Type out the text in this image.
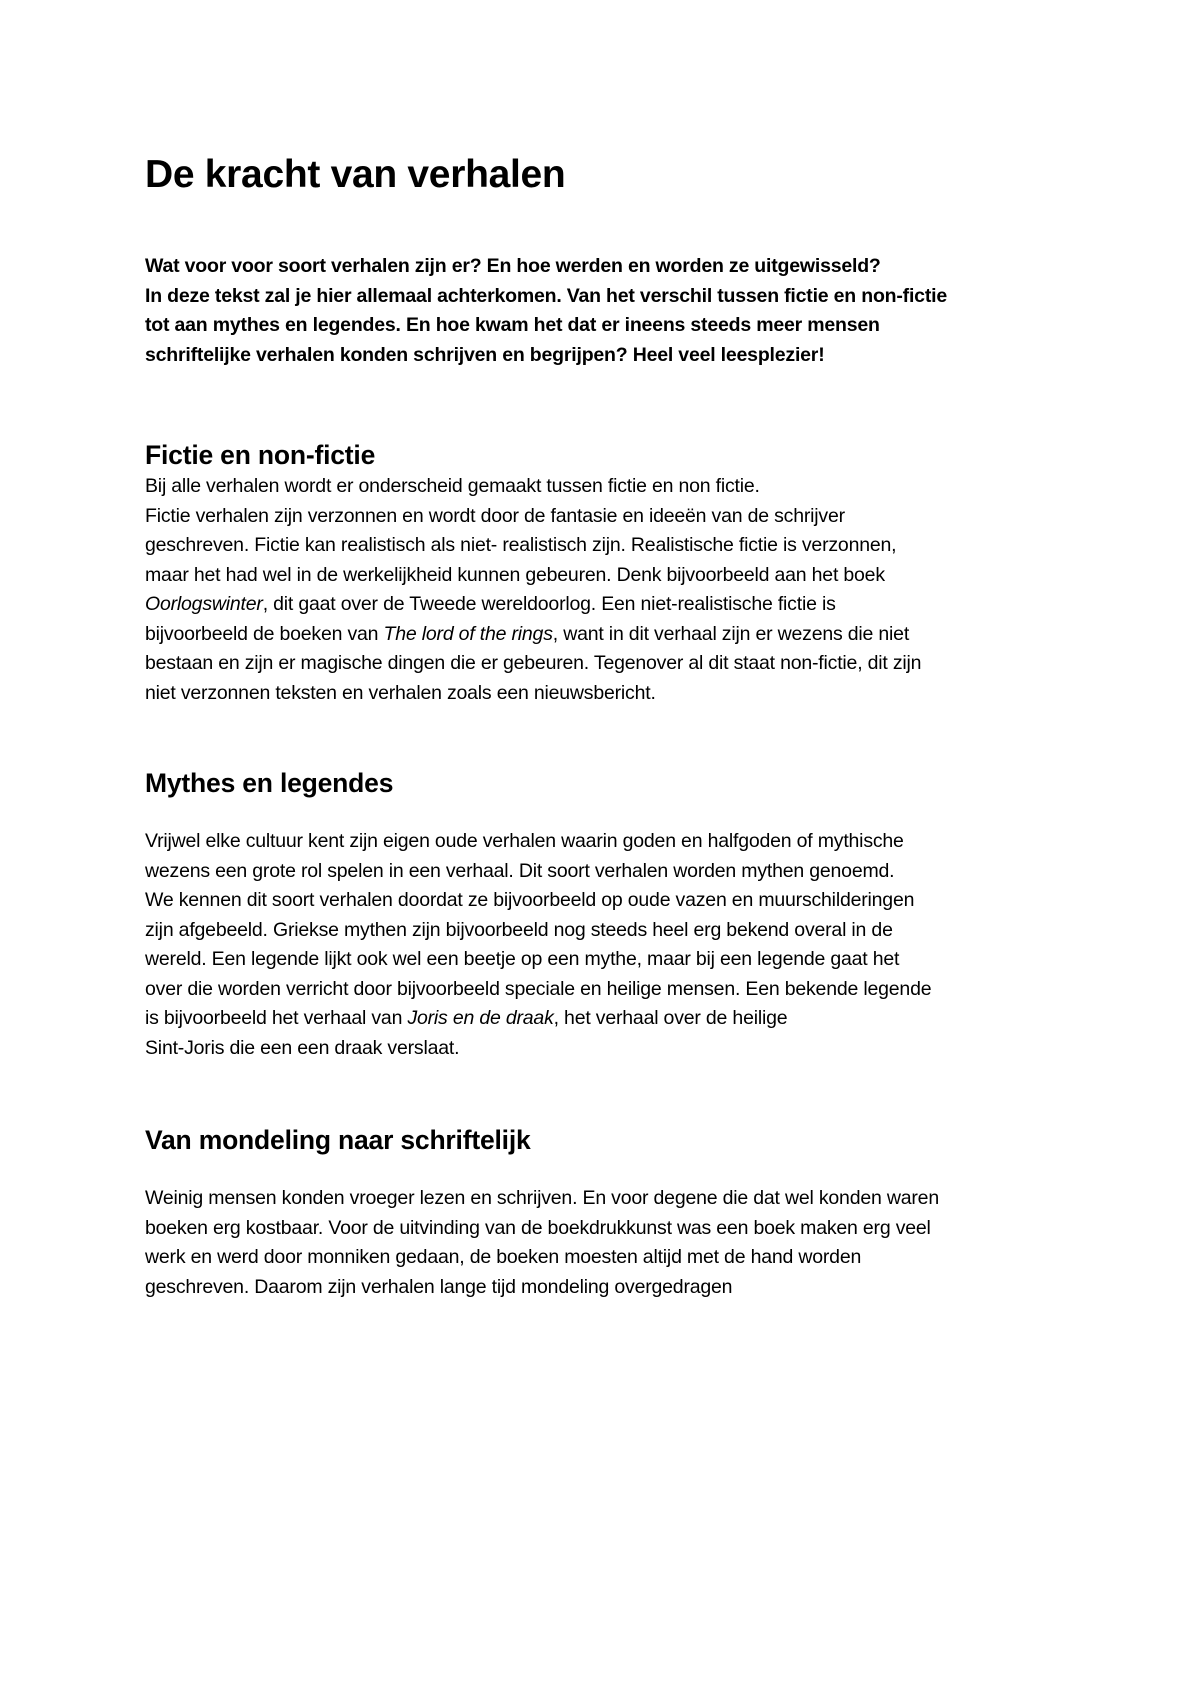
De kracht van verhalen

Wat voor voor soort verhalen zijn er? En hoe werden en worden ze uitgewisseld?
In deze tekst zal je hier allemaal achterkomen. Van het verschil tussen fictie en non-fictie
tot aan mythes en legendes. En hoe kwam het dat er ineens steeds meer mensen
schriftelijke verhalen konden schrijven en begrijpen? Heel veel leesplezier!

Fictie en non-fictie

Bij alle verhalen wordt er onderscheid gemaakt tussen fictie en non fictie.
Fictie verhalen zijn verzonnen en wordt door de fantasie en ideeën van de schrijver
geschreven. Fictie kan realistisch als niet- realistisch zijn. Realistische fictie is verzonnen,
maar het had wel in de werkelijkheid kunnen gebeuren. Denk bijvoorbeeld aan het boek
Oorlogswinter, dit gaat over de Tweede wereldoorlog. Een niet-realistische fictie is
bijvoorbeeld de boeken van The lord of the rings, want in dit verhaal zijn er wezens die niet
bestaan en zijn er magische dingen die er gebeuren. Tegenover al dit staat non-fictie, dit zijn
niet verzonnen teksten en verhalen zoals een nieuwsbericht.

Mythes en legendes

Vrijwel elke cultuur kent zijn eigen oude verhalen waarin goden en halfgoden of mythische
wezens een grote rol spelen in een verhaal. Dit soort verhalen worden mythen genoemd.
We kennen dit soort verhalen doordat ze bijvoorbeeld op oude vazen en muurschilderingen
zijn afgebeeld. Griekse mythen zijn bijvoorbeeld nog steeds heel erg bekend overal in de
wereld. Een legende lijkt ook wel een beetje op een mythe, maar bij een legende gaat het
over die worden verricht door bijvoorbeeld speciale en heilige mensen. Een bekende legende
is bijvoorbeeld het verhaal van Joris en de draak, het verhaal over de heilige
Sint-Joris die een een draak verslaat.

Van mondeling naar schriftelijk

Weinig mensen konden vroeger lezen en schrijven. En voor degene die dat wel konden waren
boeken erg kostbaar. Voor de uitvinding van de boekdrukkunst was een boek maken erg veel
werk en werd door monniken gedaan, de boeken moesten altijd met de hand worden
geschreven. Daarom zijn verhalen lange tijd mondeling overgedragen
